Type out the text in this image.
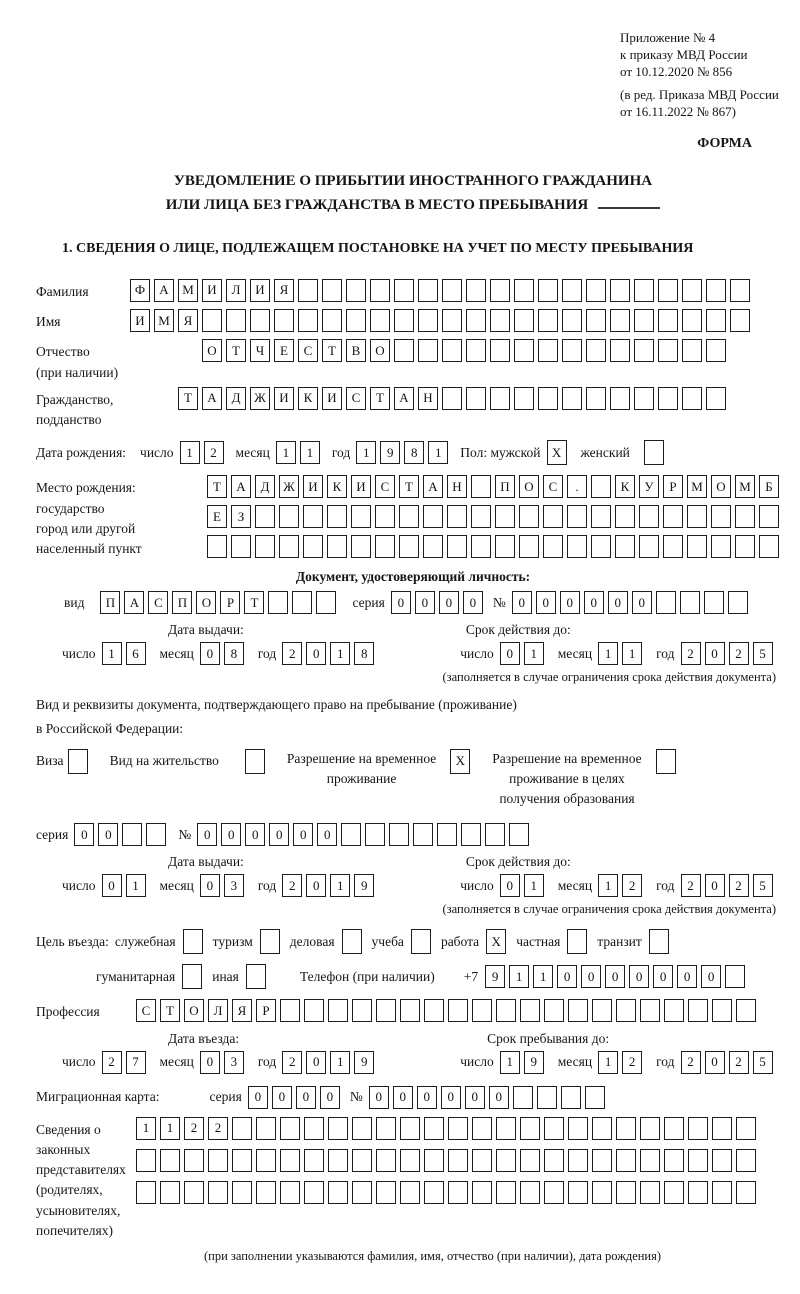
Приложение № 4
к приказу МВД России
от 10.12.2020 № 856
(в ред. Приказа МВД России
от 16.11.2022 № 867)
ФОРМА
УВЕДОМЛЕНИЕ О ПРИБЫТИИ ИНОСТРАННОГО ГРАЖДАНИНА
ИЛИ ЛИЦА БЕЗ ГРАЖДАНСТВА В МЕСТО ПРЕБЫВАНИЯ
1. СВЕДЕНИЯ О ЛИЦЕ, ПОДЛЕЖАЩЕМ ПОСТАНОВКЕ НА УЧЕТ ПО МЕСТУ ПРЕБЫВАНИЯ
Фамилия	Ф	А	М	И	Л	И	Я
Имя	И	М	Я
Отчество
(при наличии)
О	Т	Ч	Е	С	Т	В	О
Гражданство,
подданство
Т	А	Д	Ж	И	К	И	С	Т	А	Н
Дата рождения: число 1	2	месяц 1	1	год 1	9	8	1	Пол: мужской X	женский
Место рождения:
государство
город или другой
населенный пункт
Т	А	Д	Ж	И	К	И	С	Т	А	Н	П	О	С	.	К	У	Р	М	О	М	Б
Е	З
Документ, удостоверяющий личность:
вид	П	А	С	П	О	Р	Т	серия 0	0	0	0	№ 0	0	0	0	0	0
Дата выдачи:	Срок действия до:
число 1	6	месяц 0	8	год 2	0	1	8	число 0	1	месяц 1	1	год 2	0	2	5
(заполняется в случае ограничения срока действия документа)
Вид и реквизиты документа, подтверждающего право на пребывание (проживание)
в Российской Федерации:
Виза	Вид на жительство	Разрешение на временное
проживание
X	Разрешение на временное
проживание в целях
получения образования
серия 0	0	№ 0	0	0	0	0	0
Дата выдачи:	Срок действия до:
число 0	1	месяц 0	3	год 2	0	1	9	число 0	1	месяц 1	2	год 2	0	2	5
(заполняется в случае ограничения срока действия документа)
Цель въезда: служебная	туризм	деловая	учеба	работа X	частная	транзит
гуманитарная	иная	Телефон (при наличии) +7	9	1	1	0	0	0	0	0	0	0
Профессия	С	Т	О	Л	Я	Р
Дата въезда:	Срок пребывания до:
число 2	7	месяц 0	3	год 2	0	1	9	число 1	9	месяц 1	2	год 2	0	2	5
Миграционная карта:	серия 0	0	0	0	№ 0	0	0	0	0	0
Сведения о
законных
представителях
(родителях,
усыновителях,
попечителях)
1	1	2	2
(при заполнении указываются фамилия, имя, отчество (при наличии), дата рождения)
